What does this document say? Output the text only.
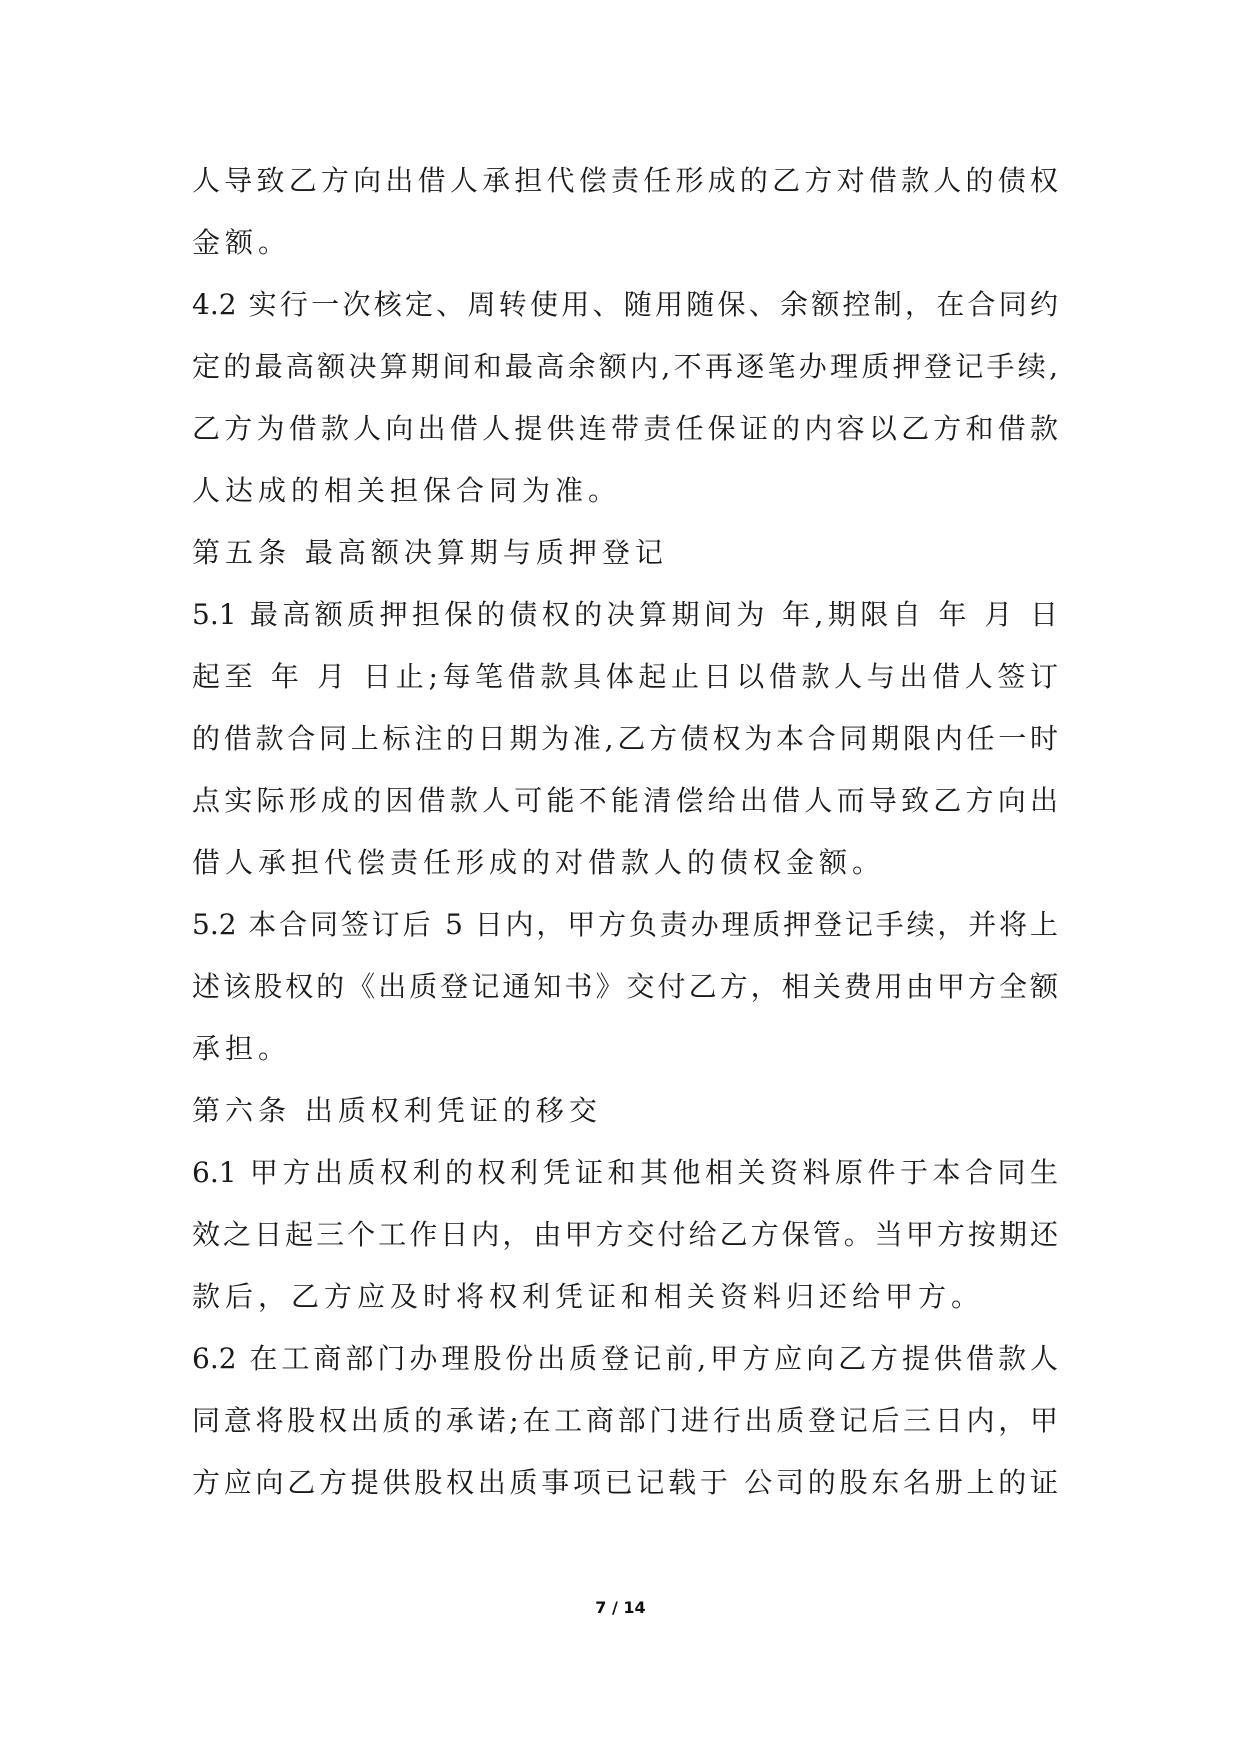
人导致乙方向出借人承担代偿责任形成的乙方对借款人的债权
金额。
4.2 实行一次核定、周转使用、随用随保、余额控制，在合同约
定的最高额决算期间和最高余额内,不再逐笔办理质押登记手续,
乙方为借款人向出借人提供连带责任保证的内容以乙方和借款
人达成的相关担保合同为准。
第五条 最高额决算期与质押登记
5.1 最高额质押担保的债权的决算期间为 年,期限自 年 月 日
起至 年 月 日止;每笔借款具体起止日以借款人与出借人签订
的借款合同上标注的日期为准,乙方债权为本合同期限内任一时
点实际形成的因借款人可能不能清偿给出借人而导致乙方向出
借人承担代偿责任形成的对借款人的债权金额。
5.2 本合同签订后 5 日内，甲方负责办理质押登记手续，并将上
述该股权的《出质登记通知书》交付乙方，相关费用由甲方全额
承担。
第六条 出质权利凭证的移交
6.1 甲方出质权利的权利凭证和其他相关资料原件于本合同生
效之日起三个工作日内，由甲方交付给乙方保管。当甲方按期还
款后，乙方应及时将权利凭证和相关资料归还给甲方。
6.2 在工商部门办理股份出质登记前,甲方应向乙方提供借款人
同意将股权出质的承诺;在工商部门进行出质登记后三日内，甲
方应向乙方提供股权出质事项已记载于 公司的股东名册上的证
7 / 14
